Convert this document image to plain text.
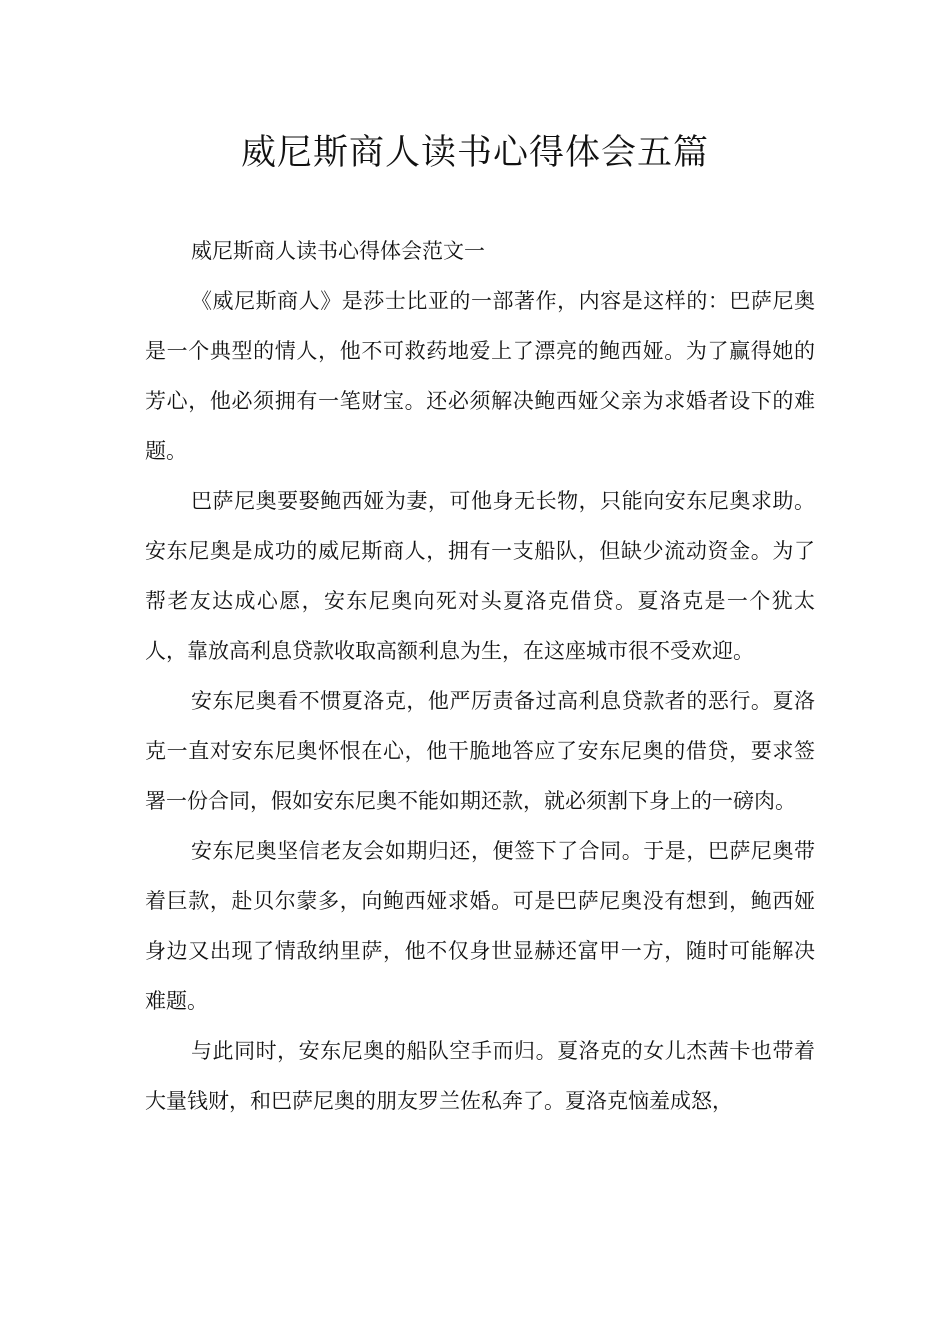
威尼斯商人读书心得体会五篇

威尼斯商人读书心得体会范文一

《威尼斯商人》是莎士比亚的一部著作，内容是这样的：巴萨尼奥是一个典型的情人，他不可救药地爱上了漂亮的鲍西娅。为了赢得她的芳心，他必须拥有一笔财宝。还必须解决鲍西娅父亲为求婚者设下的难题。

巴萨尼奥要娶鲍西娅为妻，可他身无长物，只能向安东尼奥求助。安东尼奥是成功的威尼斯商人，拥有一支船队，但缺少流动资金。为了帮老友达成心愿，安东尼奥向死对头夏洛克借贷。夏洛克是一个犹太人，靠放高利息贷款收取高额利息为生，在这座城市很不受欢迎。

安东尼奥看不惯夏洛克，他严厉责备过高利息贷款者的恶行。夏洛克一直对安东尼奥怀恨在心，他干脆地答应了安东尼奥的借贷，要求签署一份合同，假如安东尼奥不能如期还款，就必须割下身上的一磅肉。

安东尼奥坚信老友会如期归还，便签下了合同。于是，巴萨尼奥带着巨款，赴贝尔蒙多，向鲍西娅求婚。可是巴萨尼奥没有想到，鲍西娅身边又出现了情敌纳里萨，他不仅身世显赫还富甲一方，随时可能解决难题。

与此同时，安东尼奥的船队空手而归。夏洛克的女儿杰茜卡也带着大量钱财，和巴萨尼奥的朋友罗兰佐私奔了。夏洛克恼羞成怒，
